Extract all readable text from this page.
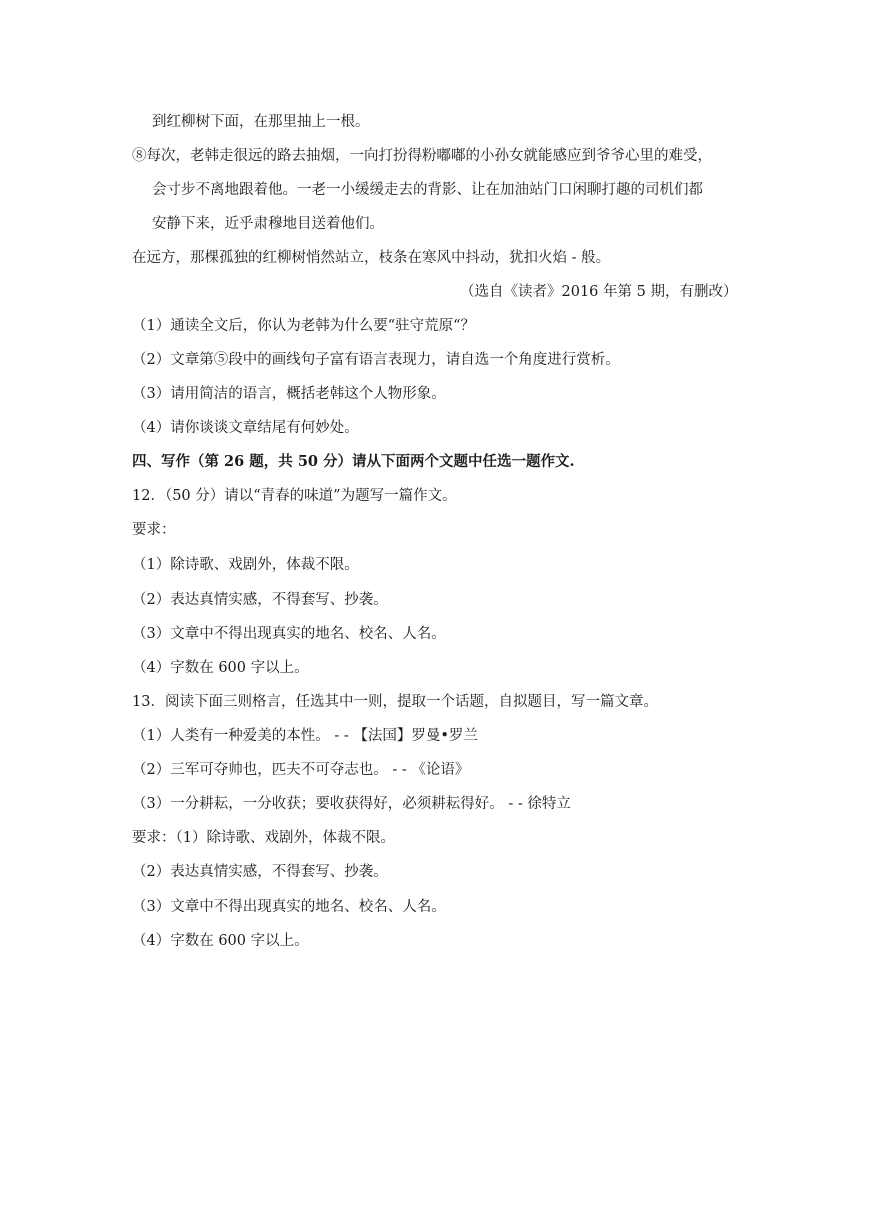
到红柳树下面，在那里抽上一根。
⑧每次，老韩走很远的路去抽烟，一向打扮得粉嘟嘟的小孙女就能感应到爷爷心里的难受，
会寸步不离地跟着他。一老一小缓缓走去的背影、让在加油站门口闲聊打趣的司机们都
安静下来，近乎肃穆地目送着他们。
在远方，那棵孤独的红柳树悄然站立，枝条在寒风中抖动，犹扣火焰 - 般。
（选自《读者》2016 年第 5 期，有删改）
（1）通读全文后，你认为老韩为什么要“驻守荒原“？
（2）文章第⑤段中的画线句子富有语言表现力，请自选一个角度进行赏析。
（3）请用简洁的语言，概括老韩这个人物形象。
（4）请你谈谈文章结尾有何妙处。
四、写作（第 26 题，共 50 分）请从下面两个文题中任选一题作文.
12．（50 分）请以“青春的味道”为题写一篇作文。
要求：
（1）除诗歌、戏剧外，体裁不限。
（2）表达真情实感，不得套写、抄袭。
（3）文章中不得出现真实的地名、校名、人名。
（4）字数在 600 字以上。
13．阅读下面三则格言，任选其中一则，提取一个话题，自拟题目，写一篇文章。
（1）人类有一种爱美的本性。 - - 【法国】罗曼•罗兰
（2）三军可夺帅也，匹夫不可夺志也。 - - 《论语》
（3）一分耕耘，一分收获；要收获得好，必须耕耘得好。 - - 徐特立
要求：（1）除诗歌、戏剧外，体裁不限。
（2）表达真情实感，不得套写、抄袭。
（3）文章中不得出现真实的地名、校名、人名。
（4）字数在 600 字以上。
